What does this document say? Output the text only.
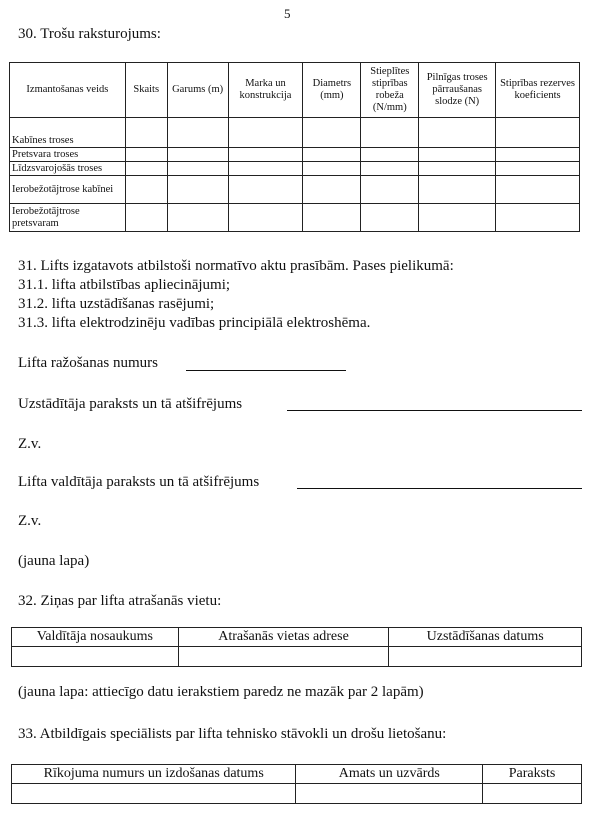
5
30. Trošu raksturojums:
Izmantošanas veids	Skaits	Garums (m)	Marka un konstrukcija	Diametrs (mm)	Stieplītes stiprības robeža (N/mm)	Pilnīgas troses pārraušanas slodze (N)	Stiprības rezerves koeficients
Kabīnes troses							
Pretsvara troses							
Līdzsvarojošās troses							
Ierobežotājtrose kabīnei							
Ierobežotājtrose pretsvaram							
31. Lifts izgatavots atbilstoši normatīvo aktu prasībām. Pases pielikumā:
31.1. lifta atbilstības apliecinājumi;
31.2. lifta uzstādīšanas rasējumi;
31.3. lifta elektrodzinēju vadības principiālā elektroshēma.
Lifta ražošanas numurs
Uzstādītāja paraksts un tā atšifrējums
Z.v.
Lifta valdītāja paraksts un tā atšifrējums
Z.v.
(jauna lapa)
32. Ziņas par lifta atrašanās vietu:
Valdītāja nosaukums	Atrašanās vietas adrese	Uzstādīšanas datums

(jauna lapa: attiecīgo datu ierakstiem paredz ne mazāk par 2 lapām)
33. Atbildīgais speciālists par lifta tehnisko stāvokli un drošu lietošanu:
Rīkojuma numurs un izdošanas datums	Amats un uzvārds	Paraksts
